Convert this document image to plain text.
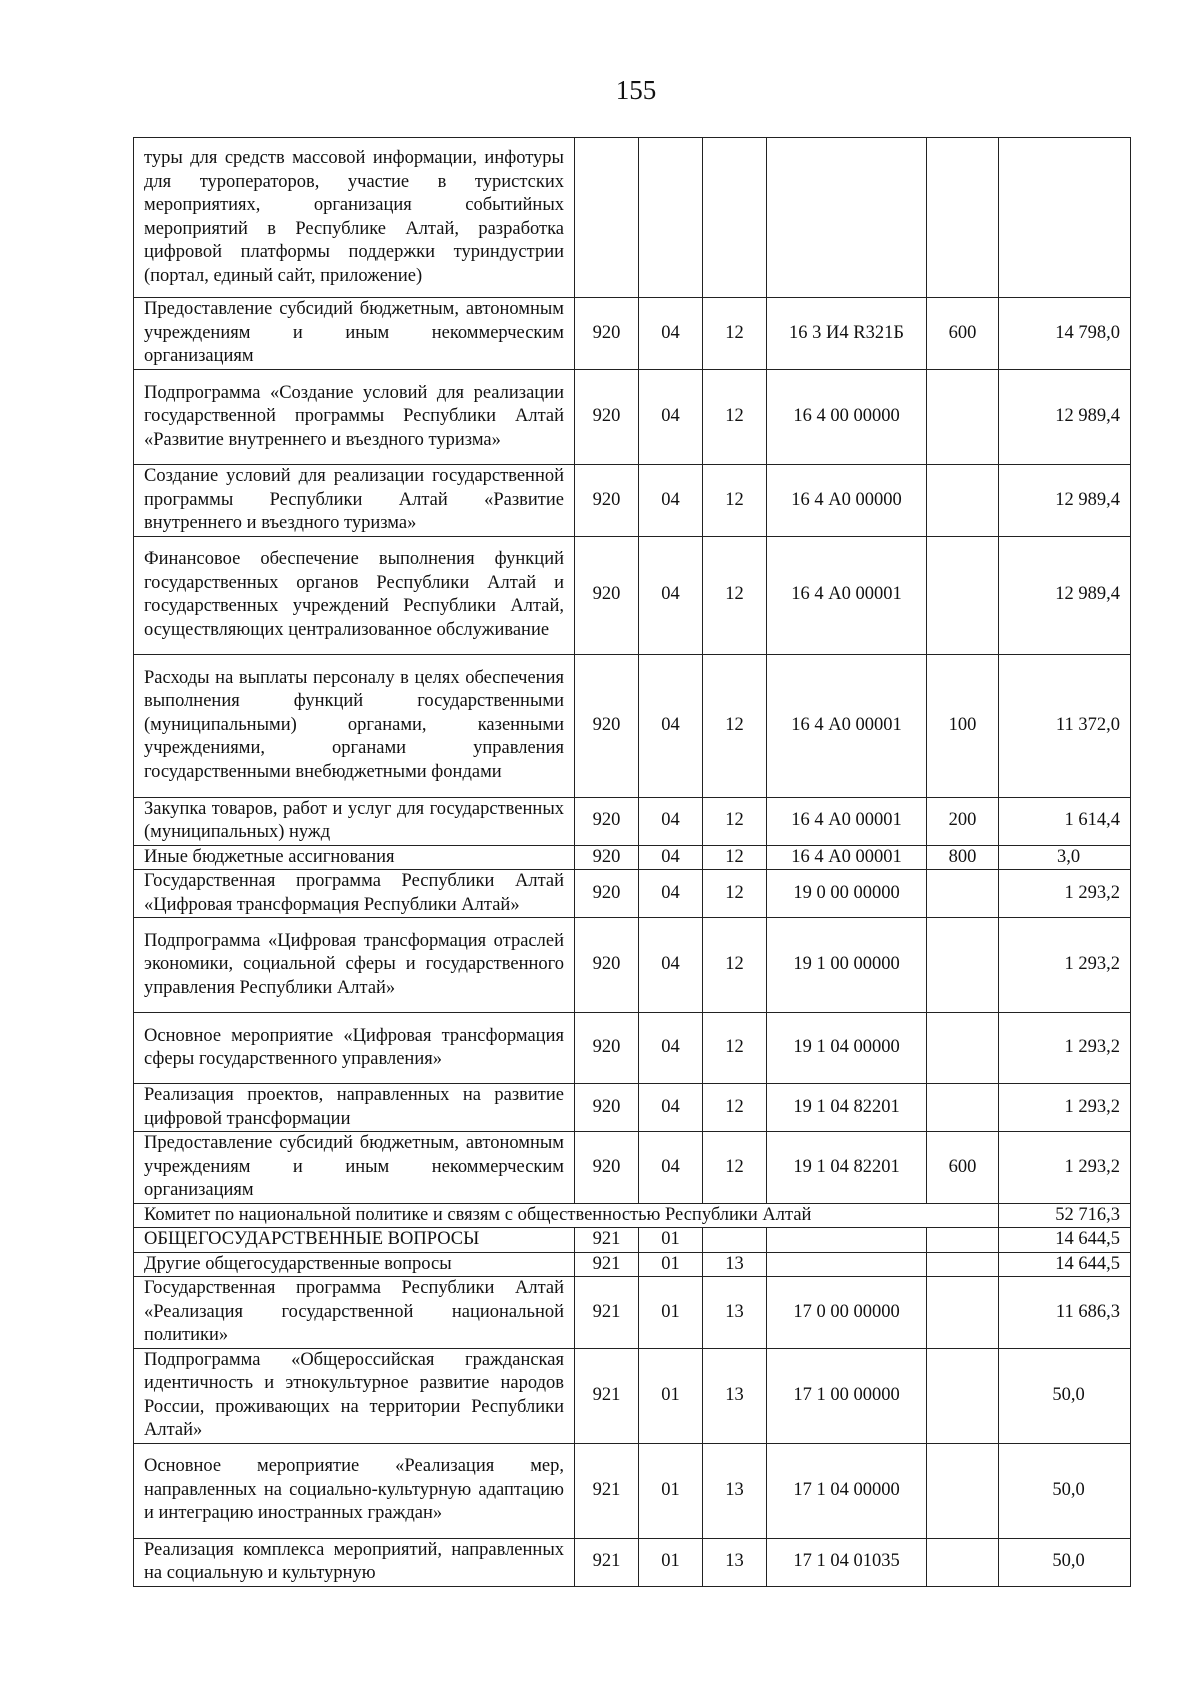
155
туры для средств массовой информации, инфотуры для туроператоров, участие в туристских мероприятиях, организация событийных мероприятий в Республике Алтай, разработка цифровой платформы поддержки туриндустрии (портал, единый сайт, приложение)						
Предоставление субсидий бюджетным, автономным учреждениям и иным некоммерческим организациям	920	04	12	16 3 И4 R321Б	600	14 798,0
Подпрограмма «Создание условий для реализации государственной программы Республики Алтай «Развитие внутреннего и въездного туризма»	920	04	12	16 4 00 00000		12 989,4
Создание условий для реализации государственной программы Республики Алтай «Развитие внутреннего и въездного туризма»	920	04	12	16 4 А0 00000		12 989,4
Финансовое обеспечение выполнения функций государственных органов Республики Алтай и государственных учреждений Республики Алтай, осуществляющих централизованное обслуживание	920	04	12	16 4 А0 00001		12 989,4
Расходы на выплаты персоналу в целях обеспечения выполнения функций государственными (муниципальными) органами, казенными учреждениями, органами управления государственными внебюджетными фондами	920	04	12	16 4 А0 00001	100	11 372,0
Закупка товаров, работ и услуг для государственных (муниципальных) нужд	920	04	12	16 4 А0 00001	200	1 614,4
Иные бюджетные ассигнования	920	04	12	16 4 А0 00001	800	3,0
Государственная программа Республики Алтай «Цифровая трансформация Республики Алтай»	920	04	12	19 0 00 00000		1 293,2
Подпрограмма «Цифровая трансформация отраслей экономики, социальной сферы и государственного управления Республики Алтай»	920	04	12	19 1 00 00000		1 293,2
Основное мероприятие «Цифровая трансформация сферы государственного управления»	920	04	12	19 1 04 00000		1 293,2
Реализация проектов, направленных на развитие цифровой трансформации	920	04	12	19 1 04 82201		1 293,2
Предоставление субсидий бюджетным, автономным учреждениям и иным некоммерческим организациям	920	04	12	19 1 04 82201	600	1 293,2
Комитет по национальной политике и связям с общественностью Республики Алтай						52 716,3
ОБЩЕГОСУДАРСТВЕННЫЕ ВОПРОСЫ	921	01				14 644,5
Другие общегосударственные вопросы	921	01	13			14 644,5
Государственная программа Республики Алтай «Реализация государственной национальной политики»	921	01	13	17 0 00 00000		11 686,3
Подпрограмма «Общероссийская гражданская идентичность и этнокультурное развитие народов России, проживающих на территории Республики Алтай»	921	01	13	17 1 00 00000		50,0
Основное мероприятие «Реализация мер, направленных на социально-культурную адаптацию и интеграцию иностранных граждан»	921	01	13	17 1 04 00000		50,0
Реализация комплекса мероприятий, направленных на социальную и культурную	921	01	13	17 1 04 01035		50,0
